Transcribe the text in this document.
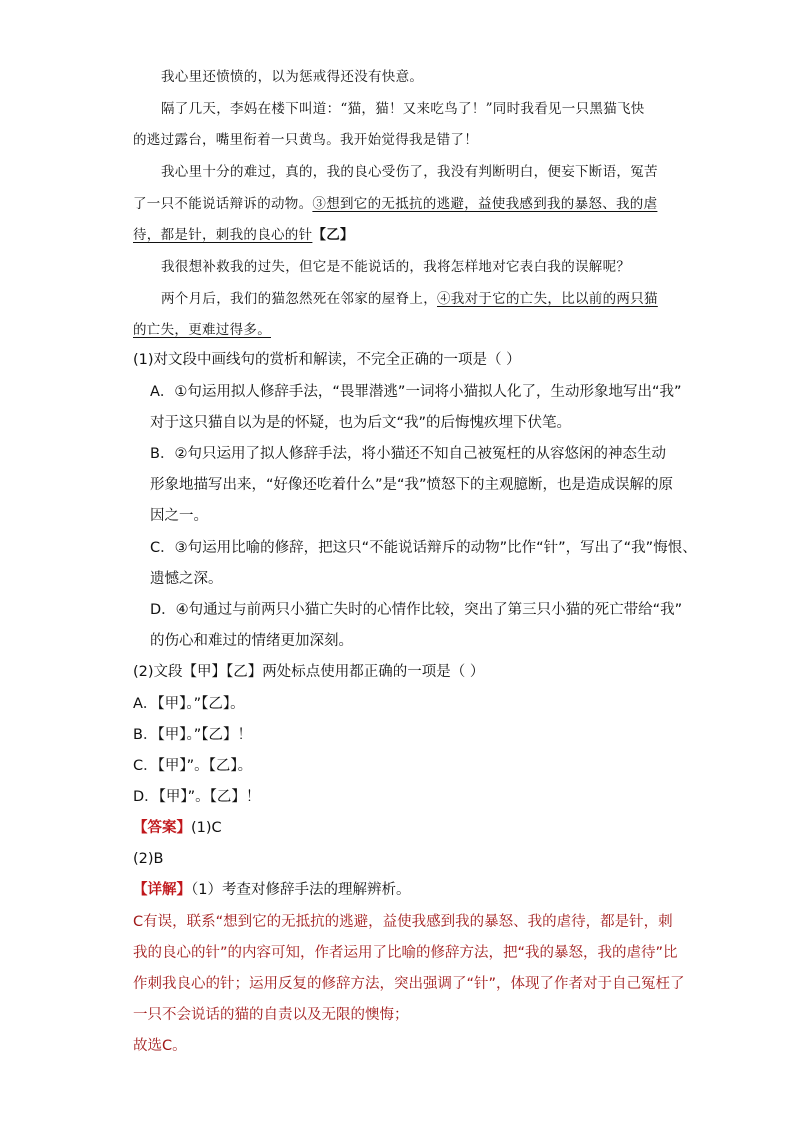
我心里还愤愤的，以为惩戒得还没有快意。
隔了几天，李妈在楼下叫道：“猫，猫！又来吃鸟了！”同时我看见一只黑猫飞快
的逃过露台，嘴里衔着一只黄鸟。我开始觉得我是错了！
我心里十分的难过，真的，我的良心受伤了，我没有判断明白，便妄下断语，冤苦
了一只不能说话辩诉的动物。③想到它的无抵抗的逃避，益使我感到我的暴怒、我的虐
待，都是针，刺我的良心的针【乙】
我很想补救我的过失，但它是不能说话的，我将怎样地对它表白我的误解呢？
两个月后，我们的猫忽然死在邻家的屋脊上，④我对于它的亡失，比以前的两只猫
的亡失，更难过得多。
(1)对文段中画线句的赏析和解读，不完全正确的一项是（ ）
A．①句运用拟人修辞手法，“畏罪潜逃”一词将小猫拟人化了，生动形象地写出“我”
对于这只猫自以为是的怀疑，也为后文“我”的后悔愧疚埋下伏笔。
B．②句只运用了拟人修辞手法，将小猫还不知自己被冤枉的从容悠闲的神态生动
形象地描写出来，“好像还吃着什么”是“我”愤怒下的主观臆断，也是造成误解的原
因之一。
C．③句运用比喻的修辞，把这只“不能说话辩斥的动物”比作“针”，写出了“我”悔恨、
遗憾之深。
D．④句通过与前两只小猫亡失时的心情作比较，突出了第三只小猫的死亡带给“我”
的伤心和难过的情绪更加深刻。
(2)文段【甲】【乙】两处标点使用都正确的一项是（ ）
A．【甲】。”【乙】。
B．【甲】。”【乙】！
C．【甲】”。【乙】。
D．【甲】”。【乙】！
【答案】(1)C
(2)B
【详解】（1）考查对修辞手法的理解辨析。
C有误，联系“想到它的无抵抗的逃避，益使我感到我的暴怒、我的虐待，都是针，刺
我的良心的针”的内容可知，作者运用了比喻的修辞方法，把“我的暴怒，我的虐待”比
作刺我良心的针；运用反复的修辞方法，突出强调了“针”，体现了作者对于自己冤枉了
一只不会说话的猫的自责以及无限的懊悔；
故选C。
